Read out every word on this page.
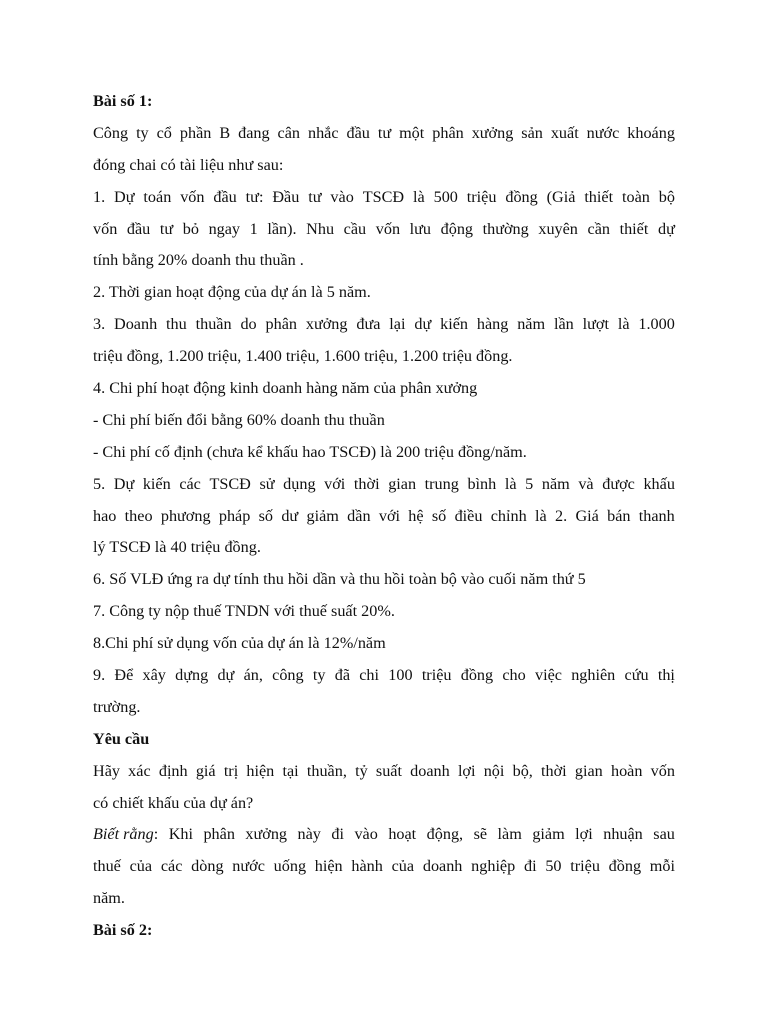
Bài số 1:
Công ty cổ phần B đang cân nhắc đầu tư một phân xưởng sản xuất nước khoáng
đóng chai có tài liệu như sau:
1. Dự toán vốn đầu tư: Đầu tư vào TSCĐ là 500 triệu đồng (Giả thiết toàn bộ
vốn đầu tư bỏ ngay 1 lần). Nhu cầu vốn lưu động thường xuyên cần thiết dự
tính bằng 20% doanh thu thuần .
2. Thời gian hoạt động của dự án là 5 năm.
3. Doanh thu thuần do phân xưởng đưa lại dự kiến hàng năm lần lượt là 1.000
triệu đồng, 1.200 triệu, 1.400 triệu, 1.600 triệu, 1.200 triệu đồng.
4. Chi phí hoạt động kinh doanh hàng năm của phân xưởng
- Chi phí biến đổi bằng 60% doanh thu thuần
- Chi phí cố định (chưa kể khấu hao TSCĐ) là 200 triệu đồng/năm.
5. Dự kiến các TSCĐ sử dụng với thời gian trung bình là 5 năm và được khấu
hao theo phương pháp số dư giảm dần với hệ số điều chỉnh là 2. Giá bán thanh
lý TSCĐ là 40 triệu đồng.
6. Số VLĐ ứng ra dự tính thu hồi dần và thu hồi toàn bộ vào cuối năm thứ 5
7. Công ty nộp thuế TNDN với thuế suất 20%.
8.Chi phí sử dụng vốn của dự án là 12%/năm
9. Để xây dựng dự án, công ty đã chi 100 triệu đồng cho việc nghiên cứu thị
trường.
Yêu cầu
Hãy xác định giá trị hiện tại thuần, tỷ suất doanh lợi nội bộ, thời gian hoàn vốn
có chiết khấu của dự án?
Biết rằng : Khi phân xưởng này đi vào hoạt động, sẽ làm giảm lợi nhuận sau
thuế của các dòng nước uống hiện hành của doanh nghiệp đi 50 triệu đồng mỗi
năm.
Bài số 2:
